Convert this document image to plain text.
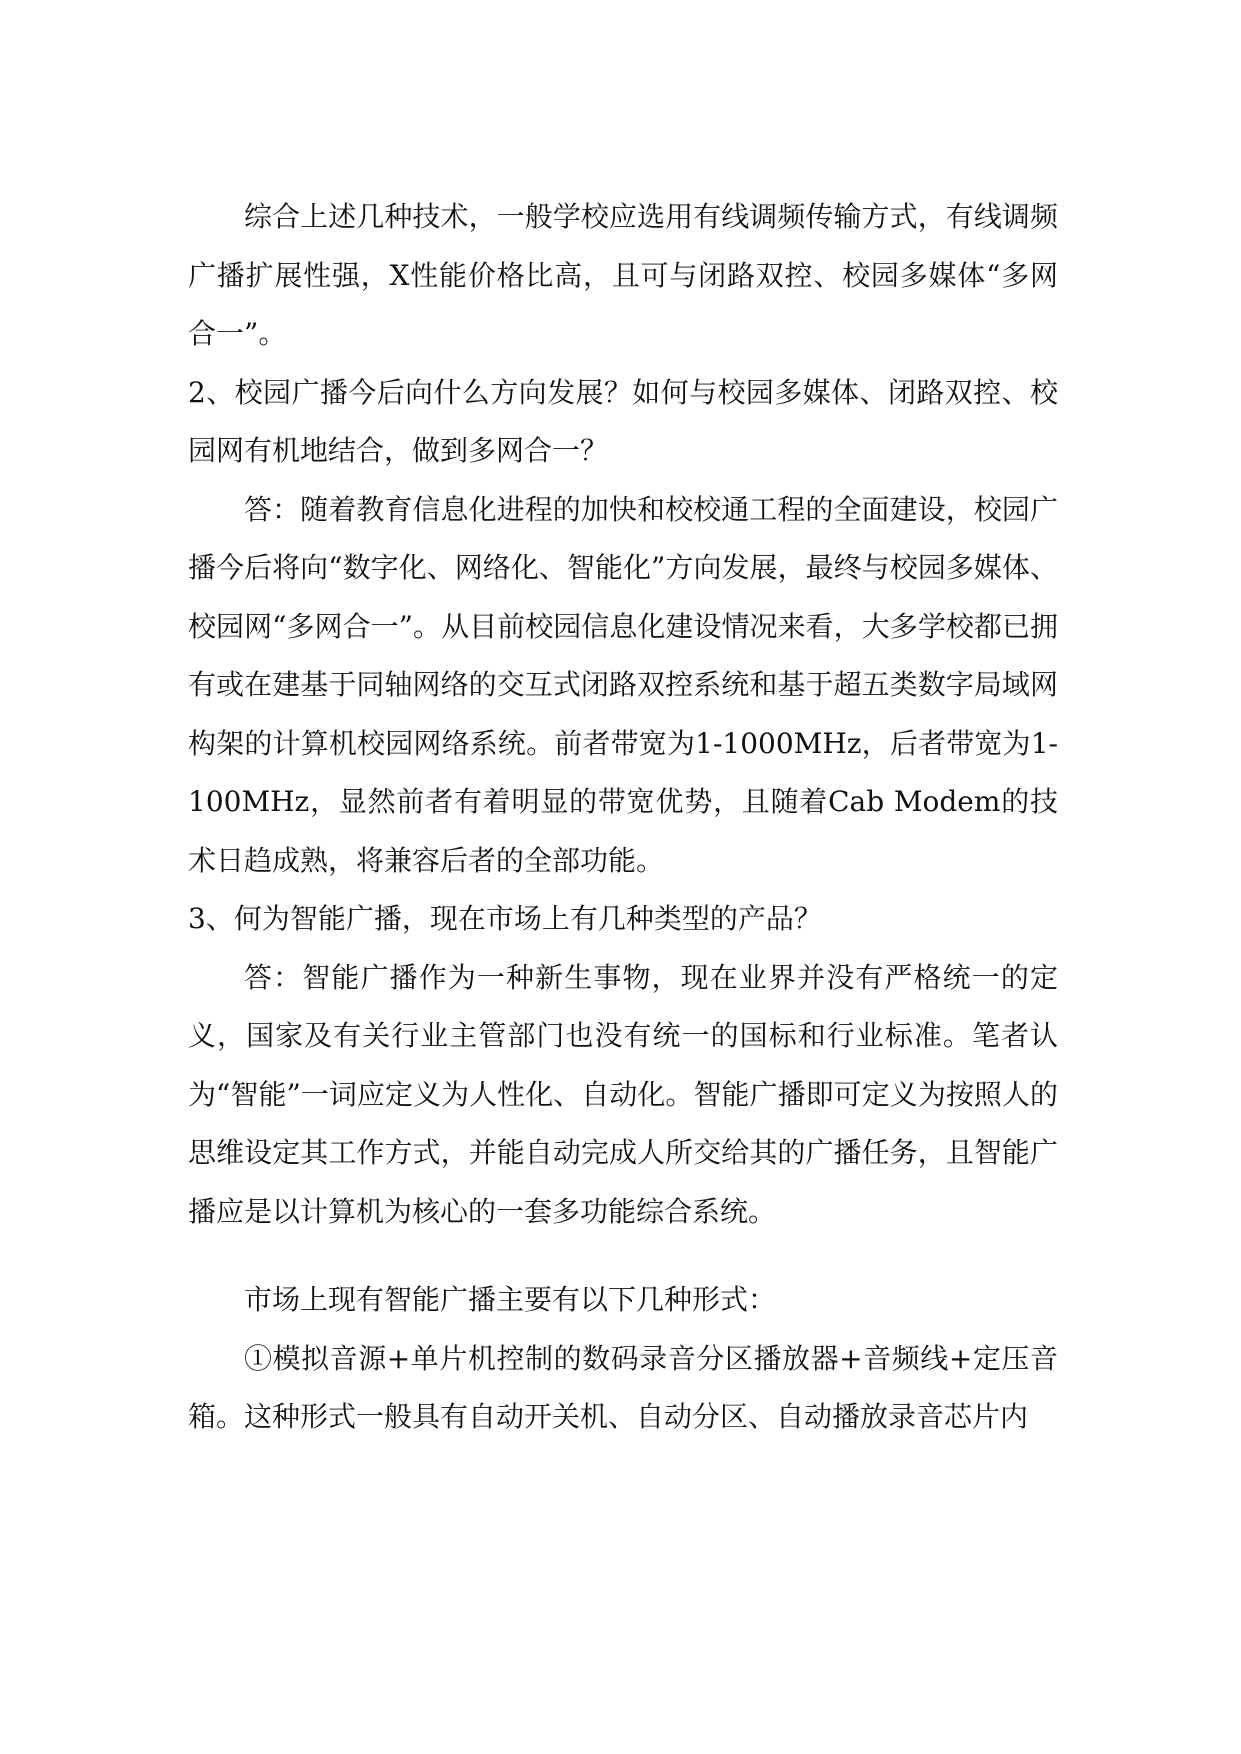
综合上述几种技术，一般学校应选用有线调频传输方式，有线调频广播扩展性强，X性能价格比高，且可与闭路双控、校园多媒体“多网合一”。

2、校园广播今后向什么方向发展？如何与校园多媒体、闭路双控、校园网有机地结合，做到多网合一？

答：随着教育信息化进程的加快和校校通工程的全面建设，校园广播今后将向“数字化、网络化、智能化”方向发展，最终与校园多媒体、校园网“多网合一”。从目前校园信息化建设情况来看，大多学校都已拥有或在建基于同轴网络的交互式闭路双控系统和基于超五类数字局域网构架的计算机校园网络系统。前者带宽为1-1000MHz，后者带宽为1-100MHz，显然前者有着明显的带宽优势，且随着Cab Modem的技术日趋成熟，将兼容后者的全部功能。

3、何为智能广播，现在市场上有几种类型的产品？

答：智能广播作为一种新生事物，现在业界并没有严格统一的定义，国家及有关行业主管部门也没有统一的国标和行业标准。笔者认为“智能”一词应定义为人性化、自动化。智能广播即可定义为按照人的思维设定其工作方式，并能自动完成人所交给其的广播任务，且智能广播应是以计算机为核心的一套多功能综合系统。

市场上现有智能广播主要有以下几种形式：

①模拟音源+单片机控制的数码录音分区播放器+音频线+定压音箱。这种形式一般具有自动开关机、自动分区、自动播放录音芯片内
